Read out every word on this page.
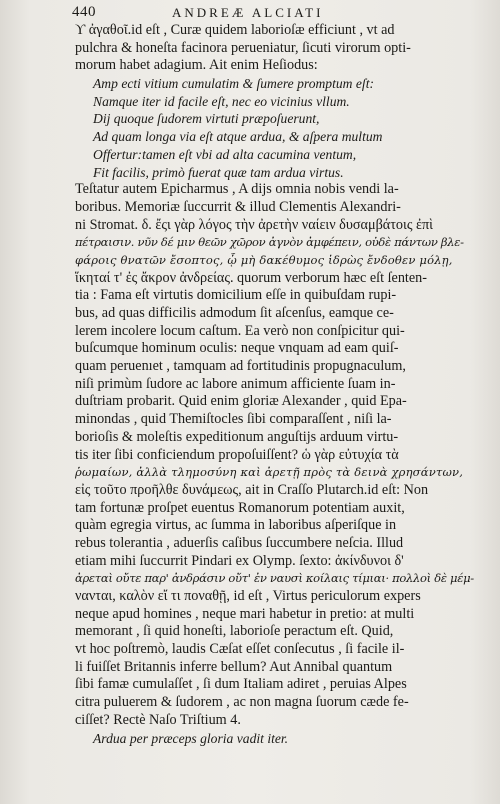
440	ANDREÆ ALCIATI
ϒ ἀγαθοῖ.id eſt , Curæ quidem laborioſæ efficiunt , vt ad
pulchra & honeſta facinora perueniatur, ſicuti virorum opti-
morum habet adagium. Ait enim Heſiodus:
Amp ecti vitium cumulatim & ſumere promptum eſt:
Namque iter id facile eſt, nec eo vicinius vllum.
Dij quoque ſudorem virtuti præpoſuerunt,
Ad quam longa via eſt atque ardua, & aſpera multum
Offertur:tamen eſt vbi ad alta cacumina ventum,
Fit facilis, primò fuerat quæ tam ardua virtus.
Teſtatur autem Epicharmus , A dijs omnia nobis vendi la-
boribus. Memoriæ ſuccurrit & illud Clementis Alexandri-
ni Stromat. δ. ἔςι γὰρ λόγος τὴν ἀρετὴν ναίειν δυσαμβάτοις ἐπὶ
πέτραισιν. νῦν δέ μιν θεῶν χῶρον ἀγνὸν ἀμφέπειν, οὐδὲ πάντων βλε-
φάροις θνατῶν ἔσοπτος, ᾧ μὴ δακέθυμος ἱδρὼς ἔνδοθεν μόλῃ,
ἵκηταί τ' ἐς ἄκρον ἀνδρείας. quorum verborum hæc eſt ſenten-
tia : Fama eſt virtutis domicilium eſſe in quibuſdam rupi-
bus, ad quas difficilis admodum ſit aſcenſus, eamque ce-
lerem incolere locum caſtum. Ea verò non conſpicitur qui-
buſcumque hominum oculis: neque vnquam ad eam quiſ-
quam peruenıet , tamquam ad fortitudinis propugnaculum,
niſi primùm ſudore ac labore animum afficiente ſuam in-
duſtriam probarit. Quid enim gloriæ Alexander , quid Epa-
minondas , quid Themiſtocles ſibi comparaſſent , niſi la-
borioſis & moleſtis expeditionum anguſtijs arduum virtu-
tis iter ſibi conficiendum propoſuiſſent? ὡ γὰρ εὐτυχία τὰ
ῥωμαίων, ἀλλὰ τλημοσύνη καὶ ἀρετῇ πρὸς τὰ δεινὰ χρησάντων,
εἰς τοῦτο προῆλθε δυνάμεως, ait in Craſſo Plutarch.id eſt: Non
tam fortunæ proſpet euentus Romanorum potentiam auxit,
quàm egregia virtus, ac ſumma in laboribus aſperiſque in
rebus tolerantia , aduerſis caſibus ſuccumbere neſcia. Illud
etiam mihi ſuccurrit Pindari ex Olymp. ſexto: ἀκίνδυνοι δ'
ἀρεταὶ οὔτε παρ' ἀνδράσιν οὔτ' ἐν ναυσὶ κοίλαις τίμιαι· πολλοὶ δὲ μέμ-
νανται, καλὸν εἴ τι ποναθῇ, id eſt , Virtus periculorum expers
neque apud homines , neque mari habetur in pretio: at multi
memorant , ſi quid honeſti, laborioſe peractum eſt. Quid,
vt hoc poſtremò, laudis Cæſat eſſet conſecutus , ſi facile il-
li fuiſſet Britannis inferre bellum? Aut Annibal quantum
ſibi famæ cumulaſſet , ſi dum Italiam adiret , peruias Alpes
citra puluerem & ſudorem , ac non magna ſuorum cæde fe-
ciſſet? Rectè Naſo Triſtium 4.
Ardua per præceps gloria vadit iter.
